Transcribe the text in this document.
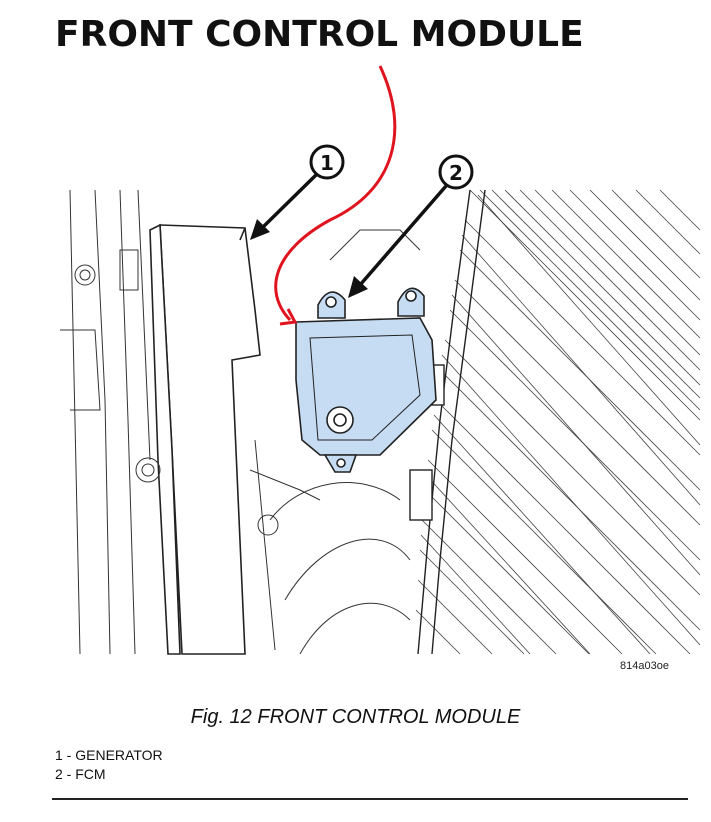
FRONT CONTROL MODULE
1	2
814a03oe
Fig. 12 FRONT CONTROL MODULE
1 - GENERATOR
2 - FCM
